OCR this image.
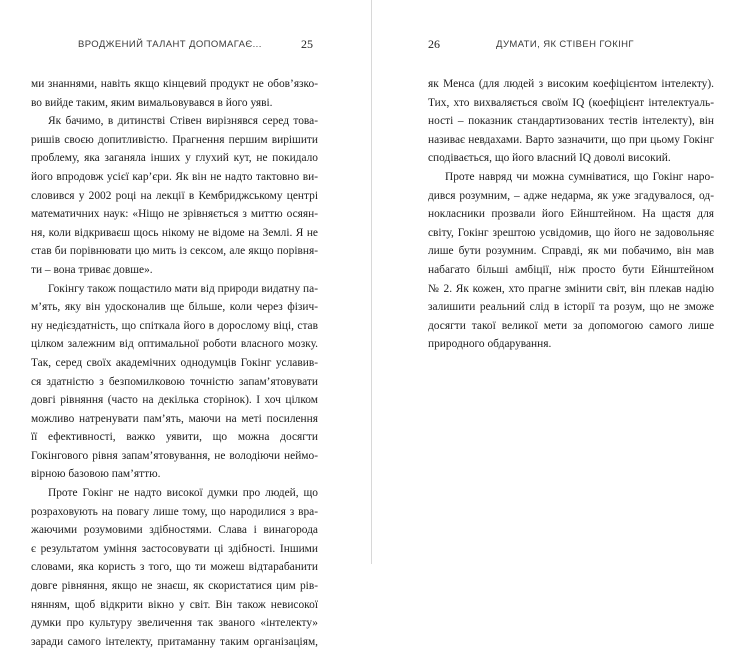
ВРОДЖЕНИЙ ТАЛАНТ ДОПОМАГАЄ...	25
ми знаннями, навіть якщо кінцевий продукт не обов’язко-
во вийде таким, яким вимальовувався в його уяві.
Як бачимо, в дитинстві Стівен вирізнявся серед това-
ришів своєю допитливістю. Прагнення першим вирішити
проблему, яка заганяла інших у глухий кут, не покидало
його впродовж усієї кар’єри. Як він не надто тактовно ви-
словився у 2002 році на лекції в Кембриджському центрі
математичних наук: «Ніщо не зрівняється з миттю осяян-
ня, коли відкриваєш щось нікому не відоме на Землі. Я не
став би порівнювати цю мить із сексом, але якщо порівня-
ти – вона триває довше».
Гокінгу також пощастило мати від природи видатну па-
м’ять, яку він удосконалив ще більше, коли через фізич-
ну недієздатність, що спіткала його в дорослому віці, став
цілком залежним від оптимальної роботи власного мозку.
Так, серед своїх академічних однодумців Гокінг уславив-
ся здатністю з безпомилковою точністю запам’ятовувати
довгі рівняння (часто на декілька сторінок). І хоч цілком
можливо натренувати пам’ять, маючи на меті посилення
її ефективності, важко уявити, що можна досягти
Гокінгового рівня запам’ятовування, не володіючи неймо-
вірною базовою пам’яттю.
Проте Гокінг не надто високої думки про людей, що
розраховують на повагу лише тому, що народилися з вра-
жаючими розумовими здібностями. Слава і винагорода
є результатом уміння застосовувати ці здібності. Іншими
словами, яка користь з того, що ти можеш відтарабанити
довге рівняння, якщо не знаєш, як скористатися цим рів-
нянням, щоб відкрити вікно у світ. Він також невисокої
думки про культуру звеличення так званого «інтелекту»
заради самого інтелекту, притаманну таким організаціям,
26	ДУМАТИ, ЯК СТІВЕН ГОКІНГ
як Менса (для людей з високим коефіцієнтом інтелекту).
Тих, хто вихваляється своїм IQ (коефіцієнт інтелектуаль-
ності – показник стандартизованих тестів інтелекту), він
називає невдахами. Варто зазначити, що при цьому Гокінг
сподівається, що його власний IQ доволі високий.
Проте навряд чи можна сумніватися, що Гокінг наро-
дився розумним, – адже недарма, як уже згадувалося, од-
нокласники прозвали його Ейнштейном. На щастя для
світу, Гокінг зрештою усвідомив, що його не задовольняє
лише бути розумним. Справді, як ми побачимо, він мав
набагато більші амбіції, ніж просто бути Ейнштейном
№ 2. Як кожен, хто прагне змінити світ, він плекав надію
залишити реальний слід в історії та розум, що не зможе
досягти такої великої мети за допомогою самого лише
природного обдарування.
